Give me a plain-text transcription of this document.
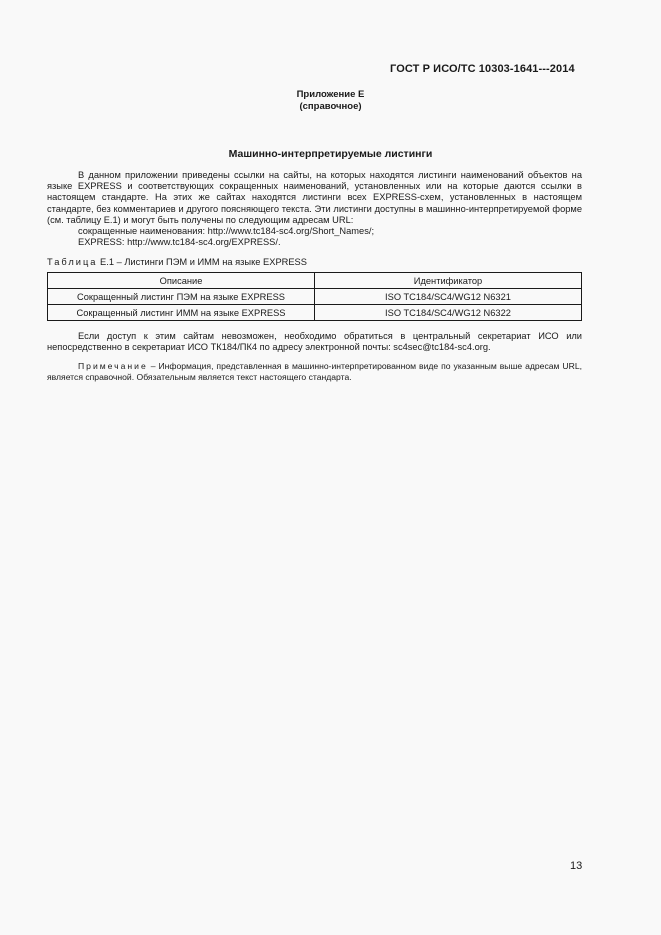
ГОСТ Р ИСО/ТС 10303-1641---2014
Приложение Е
(справочное)
Машинно-интерпретируемые листинги

В данном приложении приведены ссылки на сайты, на которых находятся листинги наименований объектов на языке EXPRESS и соответствующих сокращенных наименований, установленных или на которые даются ссылки в настоящем стандарте. На этих же сайтах находятся листинги всех EXPRESS-схем, установленных в настоящем стандарте, без комментариев и другого поясняющего текста. Эти листинги доступны в машинно-интерпретируемой форме (см. таблицу Е.1) и могут быть получены по следующим адресам URL:

сокращенные наименования: http://www.tc184-sc4.org/Short_Names/;

EXPRESS: http://www.tc184-sc4.org/EXPRESS/.

Таблица Е.1 – Листинги ПЭМ и ИММ на языке EXPRESS
Описание	Идентификатор
Сокращенный листинг ПЭМ на языке EXPRESS	ISO TC184/SC4/WG12 N6321
Сокращенный листинг ИММ на языке EXPRESS	ISO TC184/SC4/WG12 N6322

Если доступ к этим сайтам невозможен, необходимо обратиться в центральный секретариат ИСО или непосредственно в секретариат ИСО ТК184/ПК4 по адресу электронной почты: sc4sec@tc184-sc4.org.

Примечание – Информация, представленная в машинно-интерпретированном виде по указанным выше адресам URL, является справочной. Обязательным является текст настоящего стандарта.

13
